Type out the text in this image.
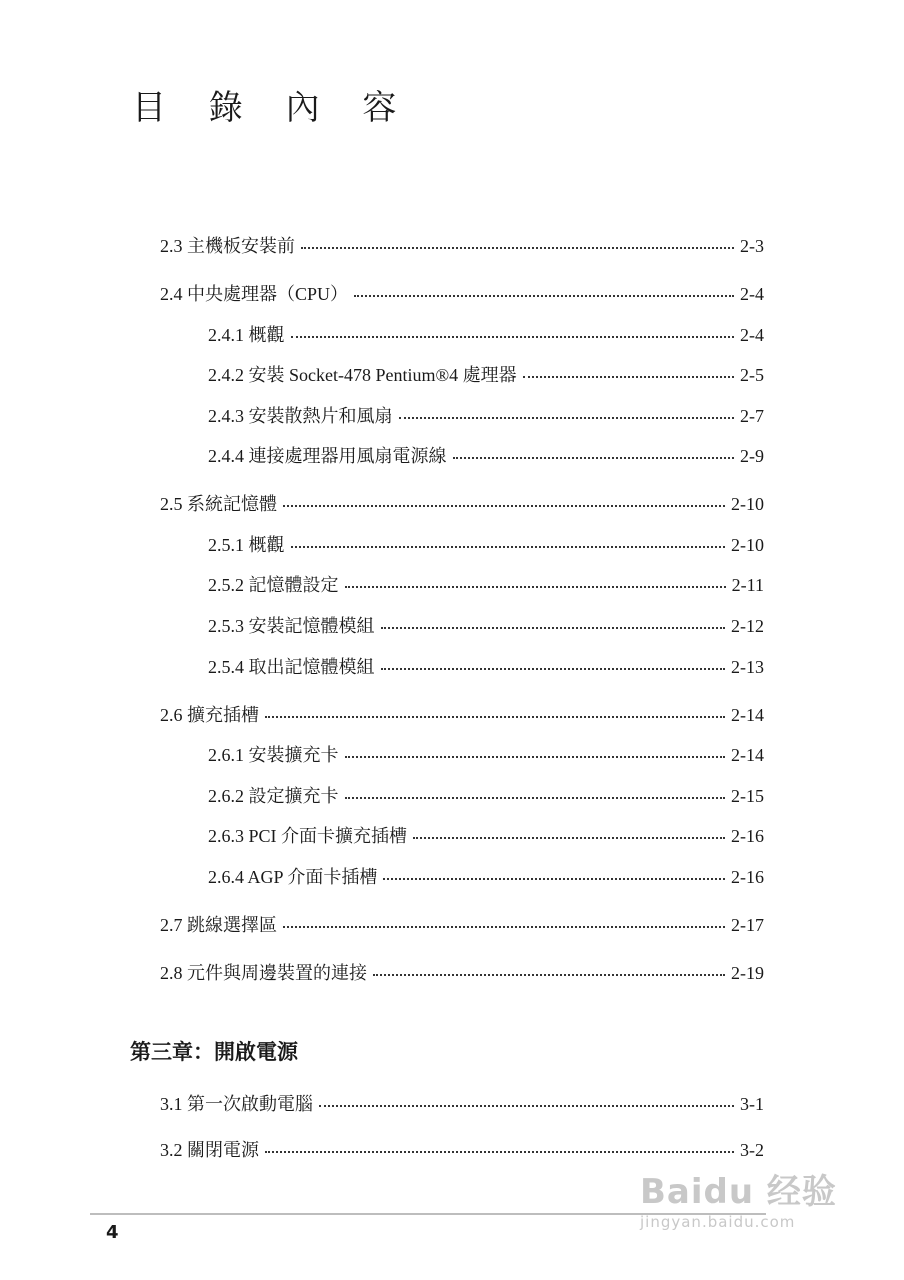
目 錄 內 容
2.3 主機板安裝前	2-3
2.4 中央處理器（CPU）	2-4
2.4.1 概觀	2-4
2.4.2 安裝 Socket-478 Pentium®4 處理器	2-5
2.4.3 安裝散熱片和風扇	2-7
2.4.4 連接處理器用風扇電源線	2-9
2.5 系統記憶體	2-10
2.5.1 概觀	2-10
2.5.2 記憶體設定	2-11
2.5.3 安裝記憶體模組	2-12
2.5.4 取出記憶體模組	2-13
2.6 擴充插槽	2-14
2.6.1 安裝擴充卡	2-14
2.6.2 設定擴充卡	2-15
2.6.3 PCI 介面卡擴充插槽	2-16
2.6.4 AGP 介面卡插槽	2-16
2.7 跳線選擇區	2-17
2.8 元件與周邊裝置的連接	2-19
第三章：開啟電源
3.1 第一次啟動電腦	3-1
3.2 關閉電源	3-2
4
Baidu 经验
jingyan.baidu.com
